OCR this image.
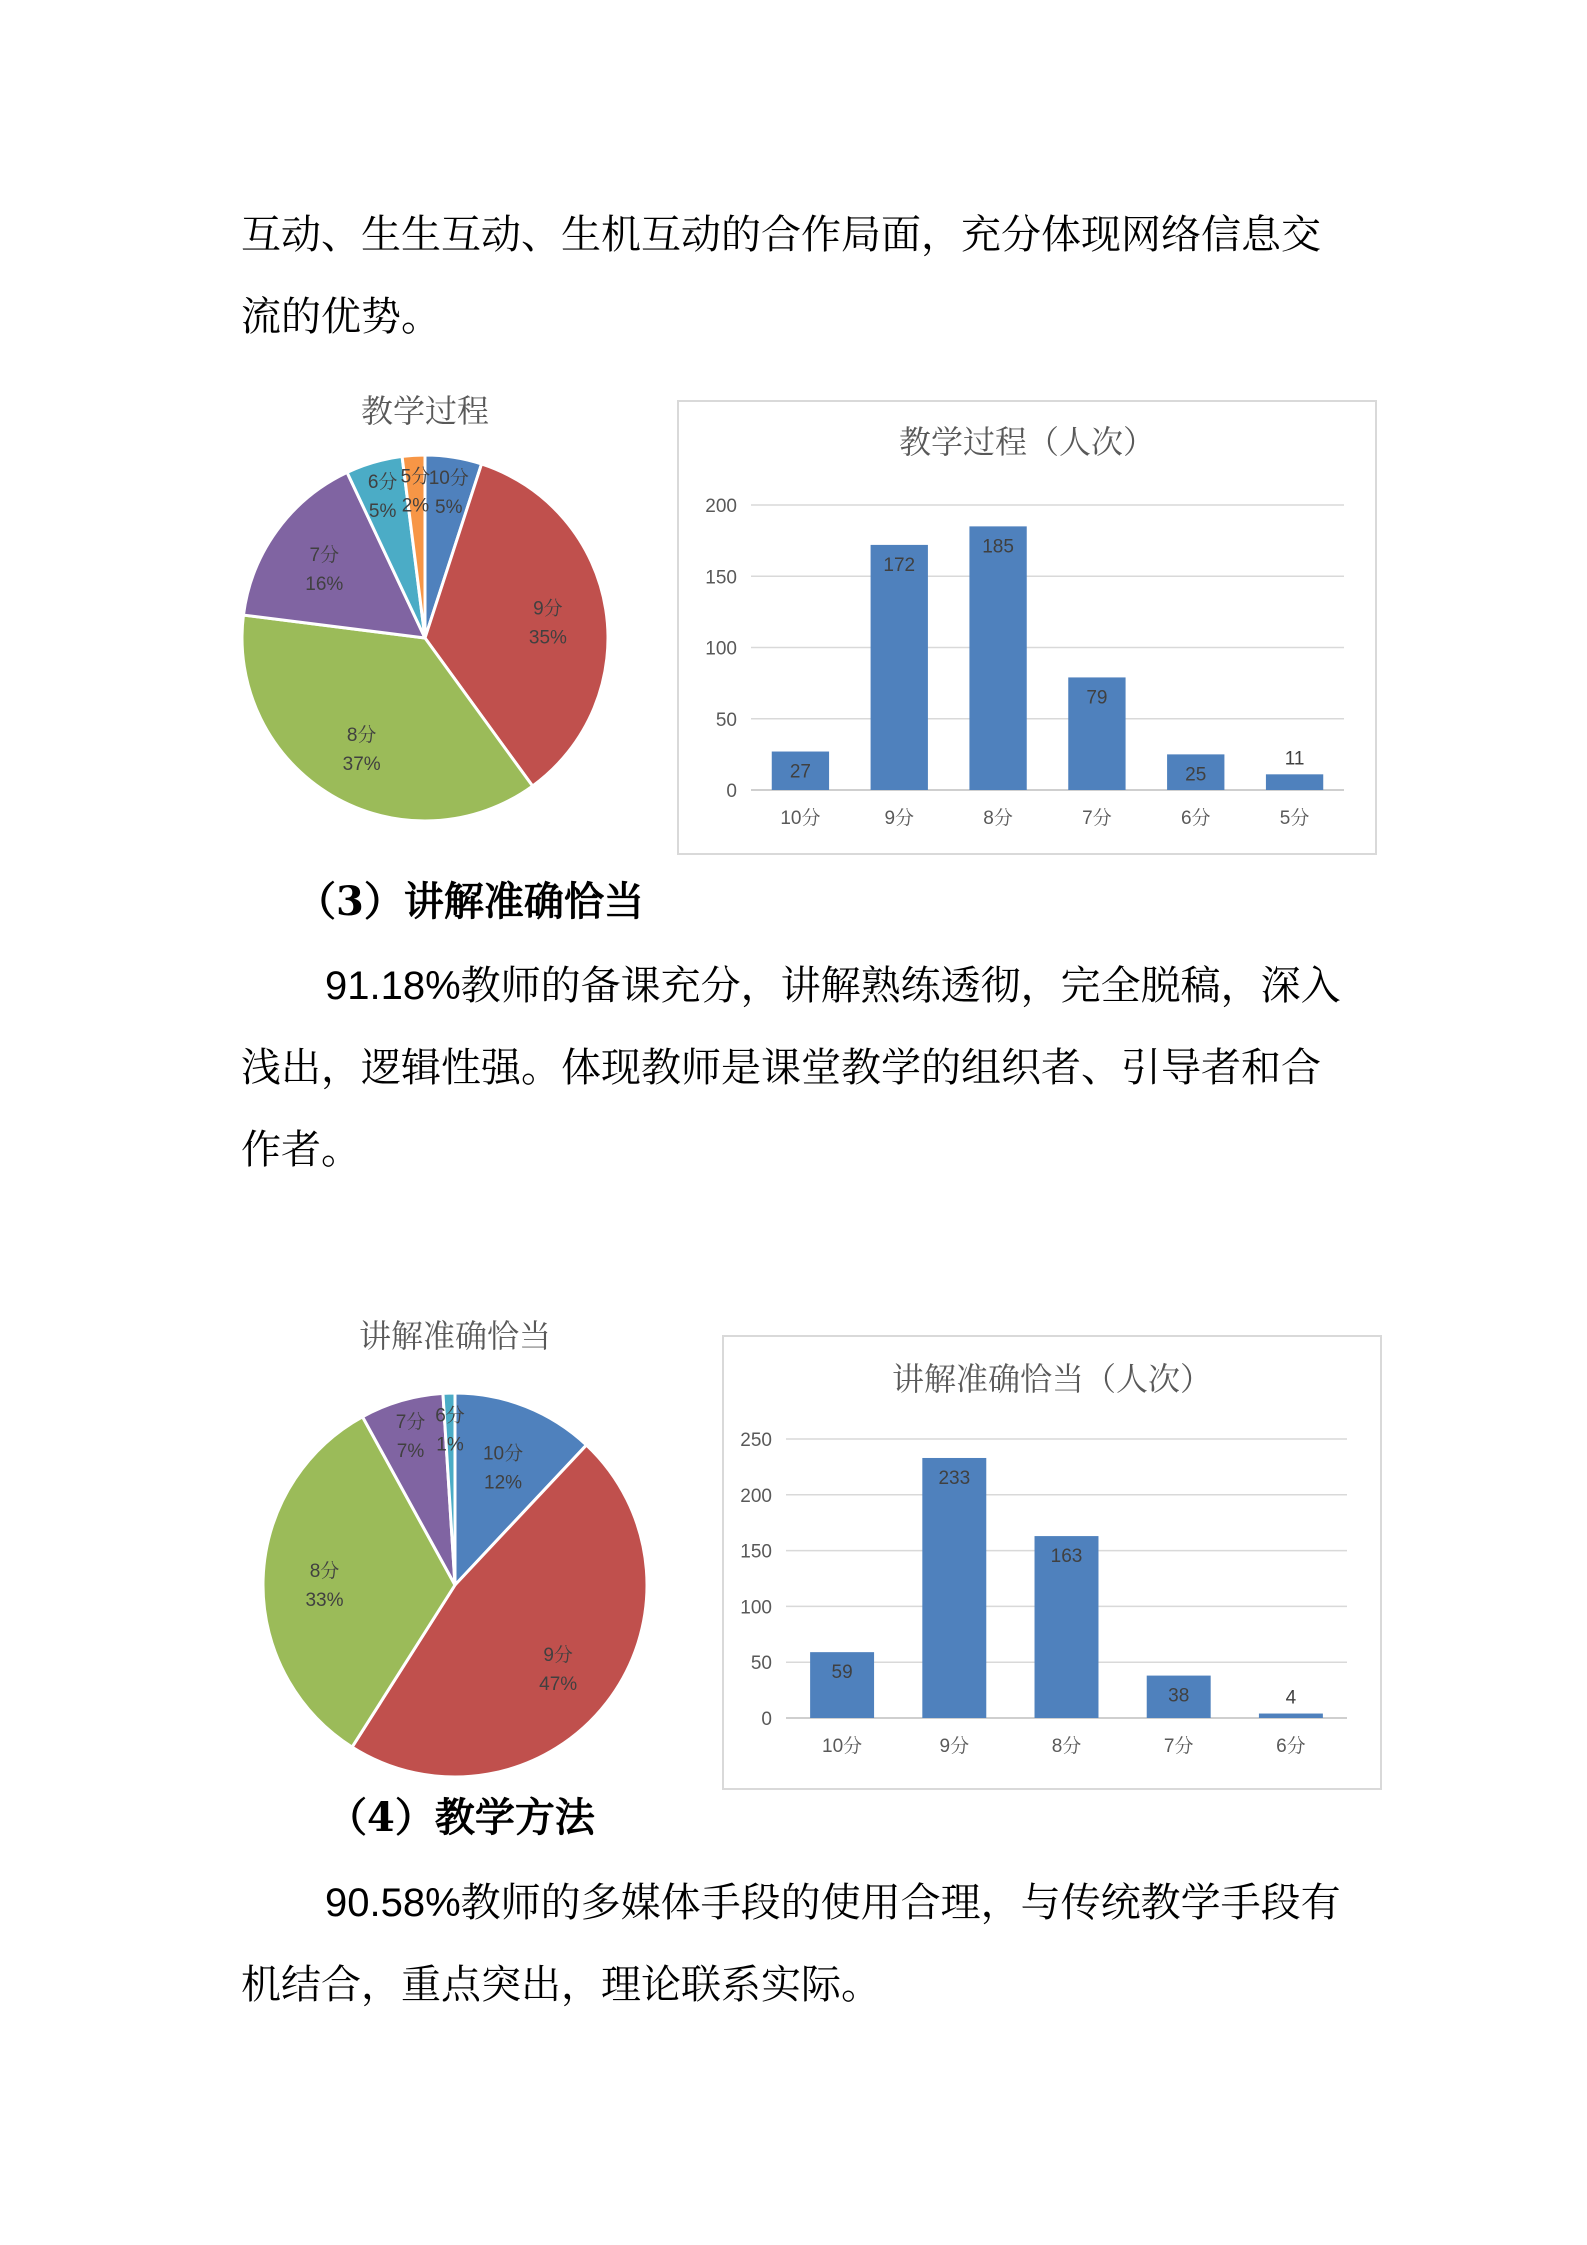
互动、生生互动、生机互动的合作局面，充分体现网络信息交流的优势。

教学过程
10分
5%
9分
35%
8分
37%
7分
16%
6分
5%
5分
2%
教学过程（人次）
0
50
100
150
200
27
10分
172
9分
185
8分
79
7分
25
6分
11
5分

（3）讲解准确恰当

91.18%教师的备课充分，讲解熟练透彻，完全脱稿，深入浅出，逻辑性强。体现教师是课堂教学的组织者、引导者和合作者。

讲解准确恰当
10分
12%
9分
47%
8分
33%
7分
7%
6分
1%
讲解准确恰当（人次）
0
50
100
150
200
250
59
10分
233
9分
163
8分
38
7分
4
6分

（4）教学方法

90.58%教师的多媒体手段的使用合理，与传统教学手段有机结合，重点突出，理论联系实际。
